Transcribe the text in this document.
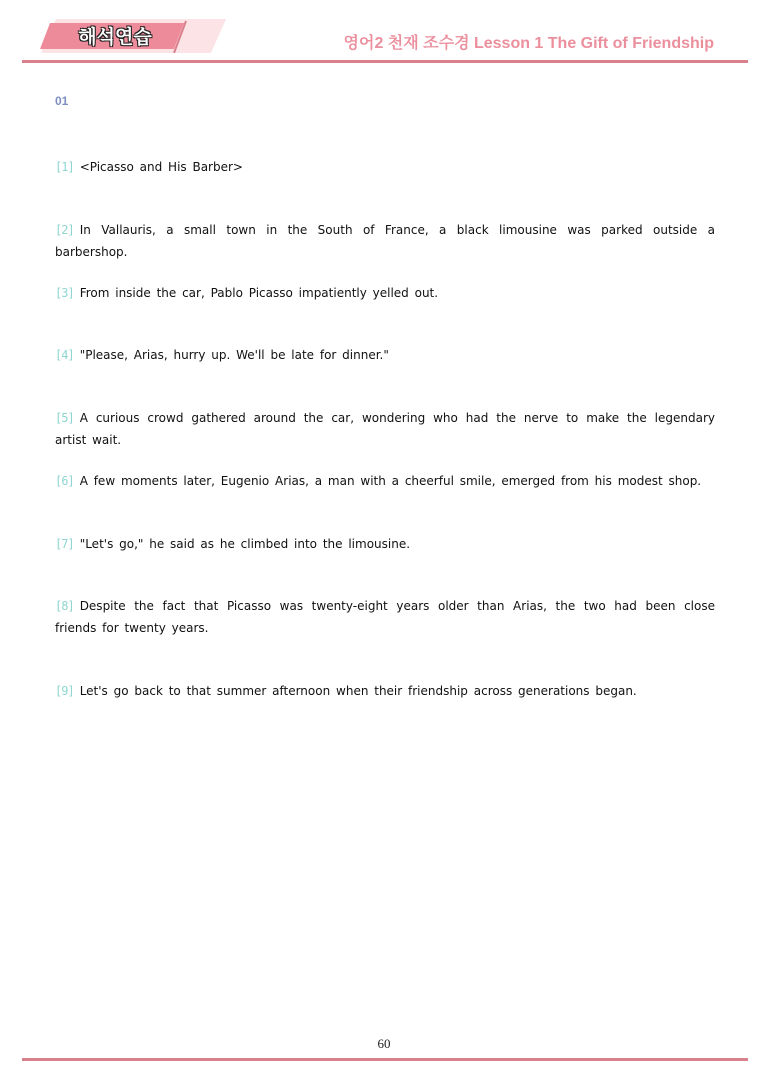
해석연습	영어2 천재 조수경 Lesson 1 The Gift of Friendship
01
[1] <Picasso and His Barber>
[2] In Vallauris, a small town in the South of France, a black limousine was parked outside a barbershop.
[3] From inside the car, Pablo Picasso impatiently yelled out.
[4] "Please, Arias, hurry up. We'll be late for dinner."
[5] A curious crowd gathered around the car, wondering who had the nerve to make the legendary artist wait.
[6] A few moments later, Eugenio Arias, a man with a cheerful smile, emerged from his modest shop.
[7] "Let's go," he said as he climbed into the limousine.
[8] Despite the fact that Picasso was twenty-eight years older than Arias, the two had been close friends for twenty years.
[9] Let's go back to that summer afternoon when their friendship across generations began.
60
